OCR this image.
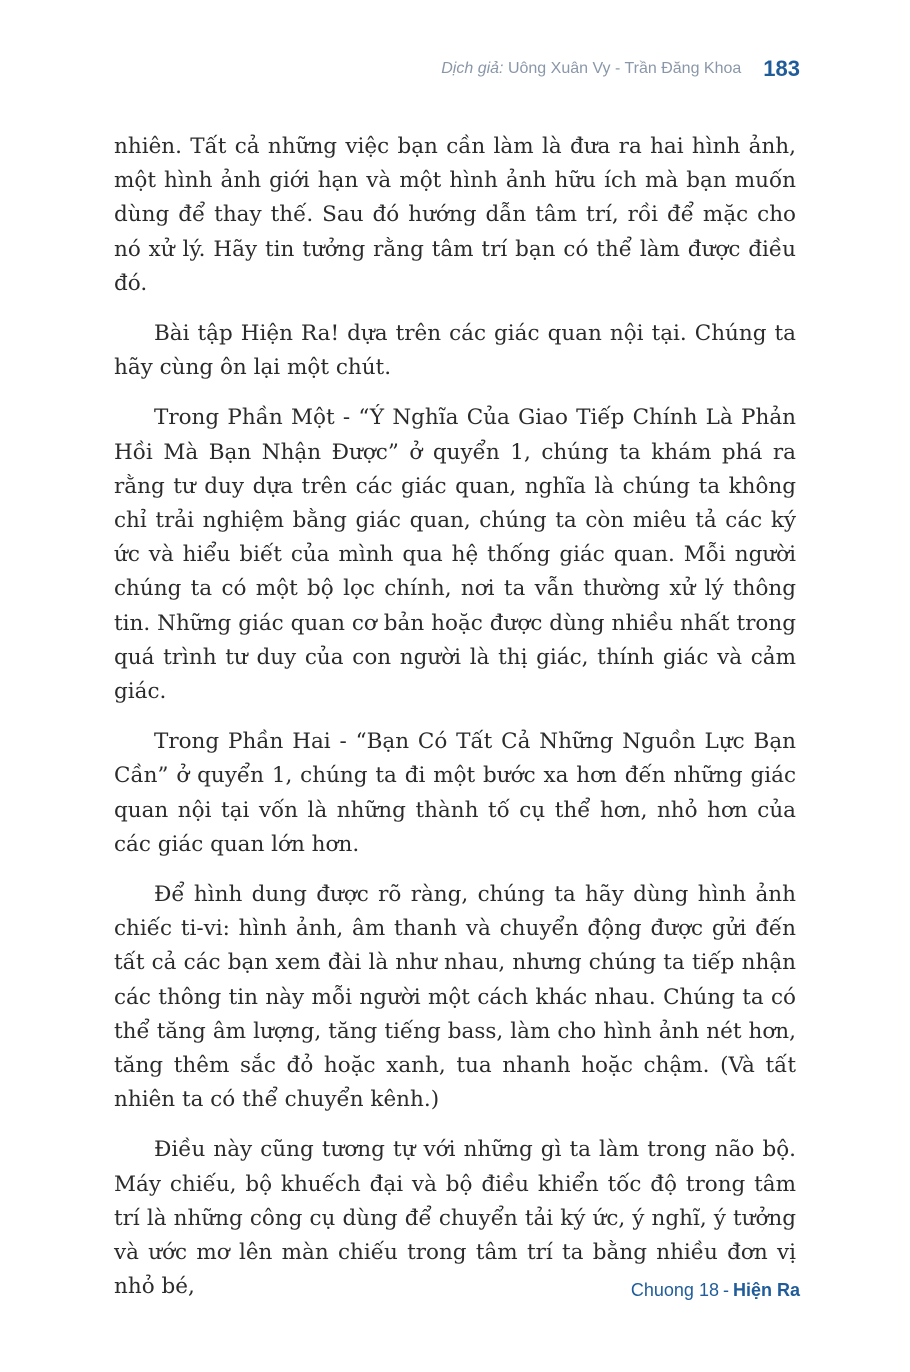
Dịch giả: Uông Xuân Vy - Trần Đăng Khoa 183

nhiên. Tất cả những việc bạn cần làm là đưa ra hai hình ảnh, một hình ảnh giới hạn và một hình ảnh hữu ích mà bạn muốn dùng để thay thế. Sau đó hướng dẫn tâm trí, rồi để mặc cho nó xử lý. Hãy tin tưởng rằng tâm trí bạn có thể làm được điều đó.

Bài tập Hiện Ra! dựa trên các giác quan nội tại. Chúng ta hãy cùng ôn lại một chút.

Trong Phần Một - “Ý Nghĩa Của Giao Tiếp Chính Là Phản Hồi Mà Bạn Nhận Được” ở quyển 1, chúng ta khám phá ra rằng tư duy dựa trên các giác quan, nghĩa là chúng ta không chỉ trải nghiệm bằng giác quan, chúng ta còn miêu tả các ký ức và hiểu biết của mình qua hệ thống giác quan. Mỗi người chúng ta có một bộ lọc chính, nơi ta vẫn thường xử lý thông tin. Những giác quan cơ bản hoặc được dùng nhiều nhất trong quá trình tư duy của con người là thị giác, thính giác và cảm giác.

Trong Phần Hai - “Bạn Có Tất Cả Những Nguồn Lực Bạn Cần” ở quyển 1, chúng ta đi một bước xa hơn đến những giác quan nội tại vốn là những thành tố cụ thể hơn, nhỏ hơn của các giác quan lớn hơn.

Để hình dung được rõ ràng, chúng ta hãy dùng hình ảnh chiếc ti-vi: hình ảnh, âm thanh và chuyển động được gửi đến tất cả các bạn xem đài là như nhau, nhưng chúng ta tiếp nhận các thông tin này mỗi người một cách khác nhau. Chúng ta có thể tăng âm lượng, tăng tiếng bass, làm cho hình ảnh nét hơn, tăng thêm sắc đỏ hoặc xanh, tua nhanh hoặc chậm. (Và tất nhiên ta có thể chuyển kênh.)

Điều này cũng tương tự với những gì ta làm trong não bộ. Máy chiếu, bộ khuếch đại và bộ điều khiển tốc độ trong tâm trí là những công cụ dùng để chuyển tải ký ức, ý nghĩ, ý tưởng và ước mơ lên màn chiếu trong tâm trí ta bằng nhiều đơn vị nhỏ bé,	Chuong 18 - Hiện Ra
